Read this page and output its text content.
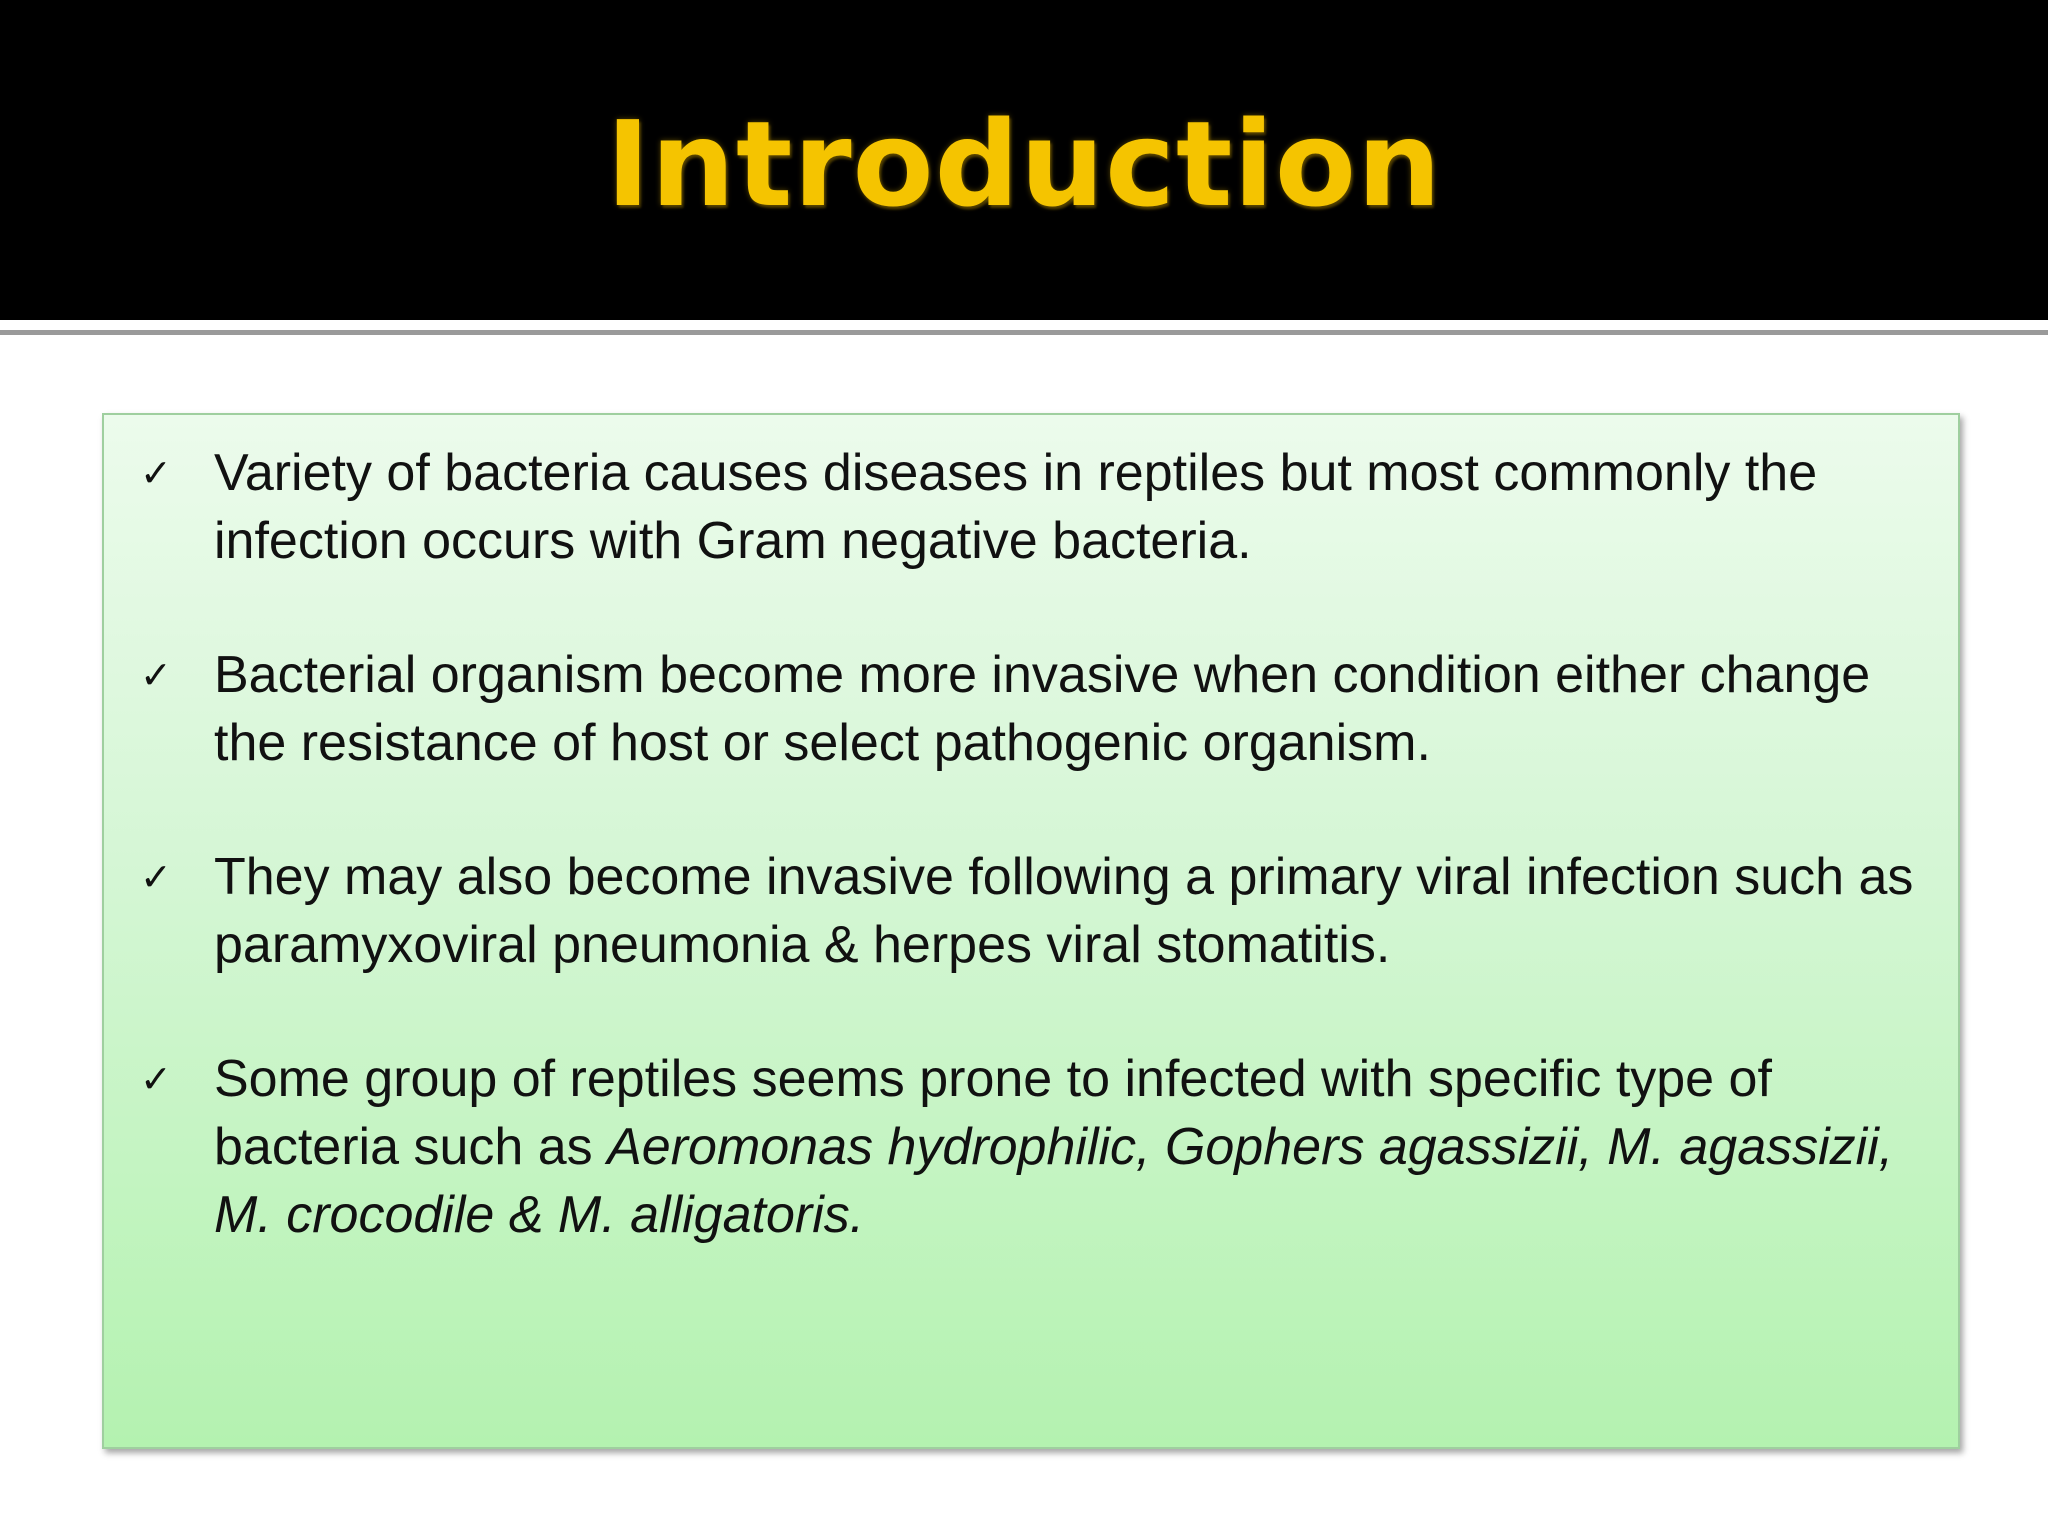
Introduction
✓ Variety of bacteria causes diseases in reptiles but most commonly the infection occurs with Gram negative bacteria.
✓ Bacterial organism become more invasive when condition either change the resistance of host or select pathogenic organism.
✓ They may also become invasive following a primary viral infection such as paramyxoviral pneumonia & herpes viral stomatitis.
✓ Some group of reptiles seems prone to infected with specific type of bacteria such as Aeromonas hydrophilic, Gophers agassizii, M. agassizii, M. crocodile & M. alligatoris.
